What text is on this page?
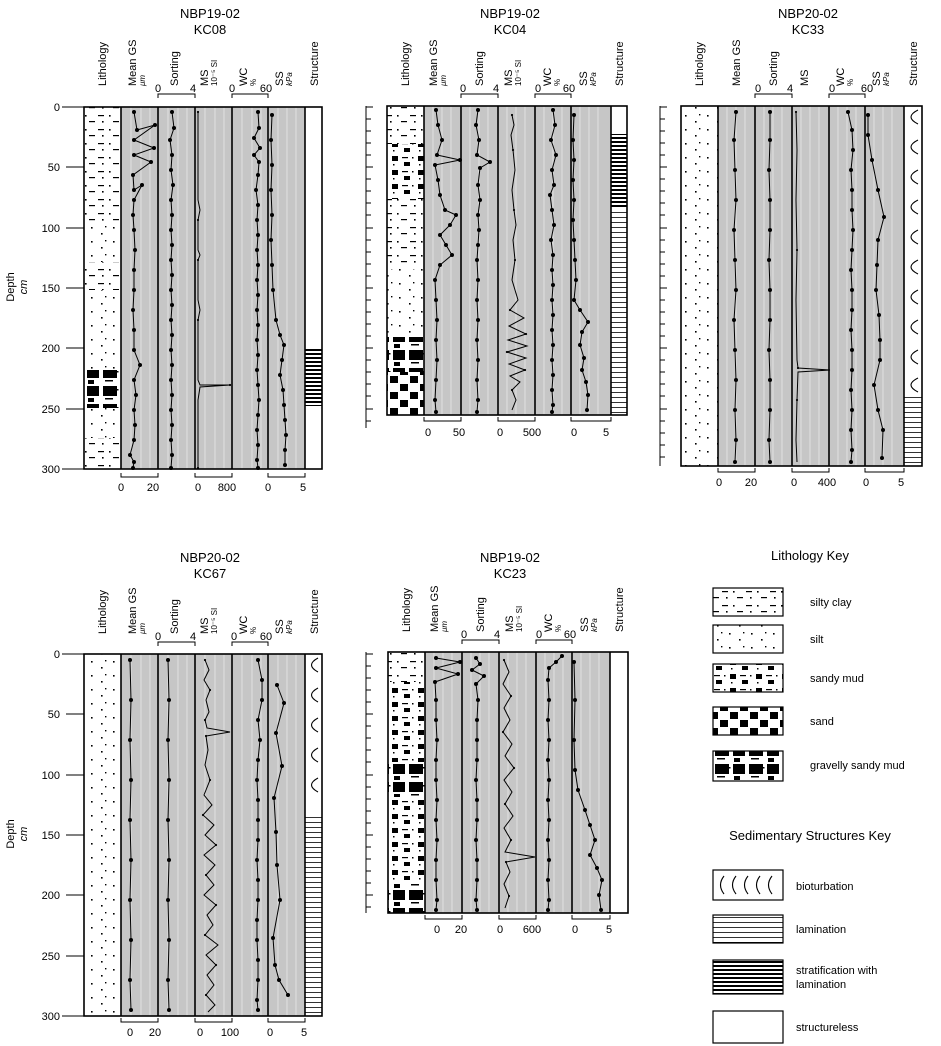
NBP19-02
KC08
0
50
100
150
200
250
300
Lithology Mean GS μm Sorting MS 10⁻⁵ SI WC % SS kPa Structure
0	4	0 60
0 20	0 800	0	5
Depth cm
NBP19-02
KC04
Lithology Mean GS μm Sorting MS 10⁻⁵ SI WC % SS kPa Structure
0 4	0 60
0 50	0 500	0 5
NBP20-02
KC33
Lithology Mean GS Sorting MS WC % SS kPa Structure
0 4	0 60
0 20	0 400 0	5
NBP20-02
KC67
0
50
100
150
200
250
300
Lithology Mean GS μm Sorting MS 10⁻⁵ SI WC % SS kPa Structure
0	4	0 60
0 20	0 100	0	5
Depth cm
NBP19-02
KC23
Lithology Mean GS μm Sorting MS 10⁻⁵ SI WC % SS kPa Structure
0 4	0 60
0 20	0 600	0	5
Lithology Key
silty clay
silt
sandy mud
sand
gravelly sandy mud
Sedimentary Structures Key
bioturbation
lamination
stratification with lamination
structureless
